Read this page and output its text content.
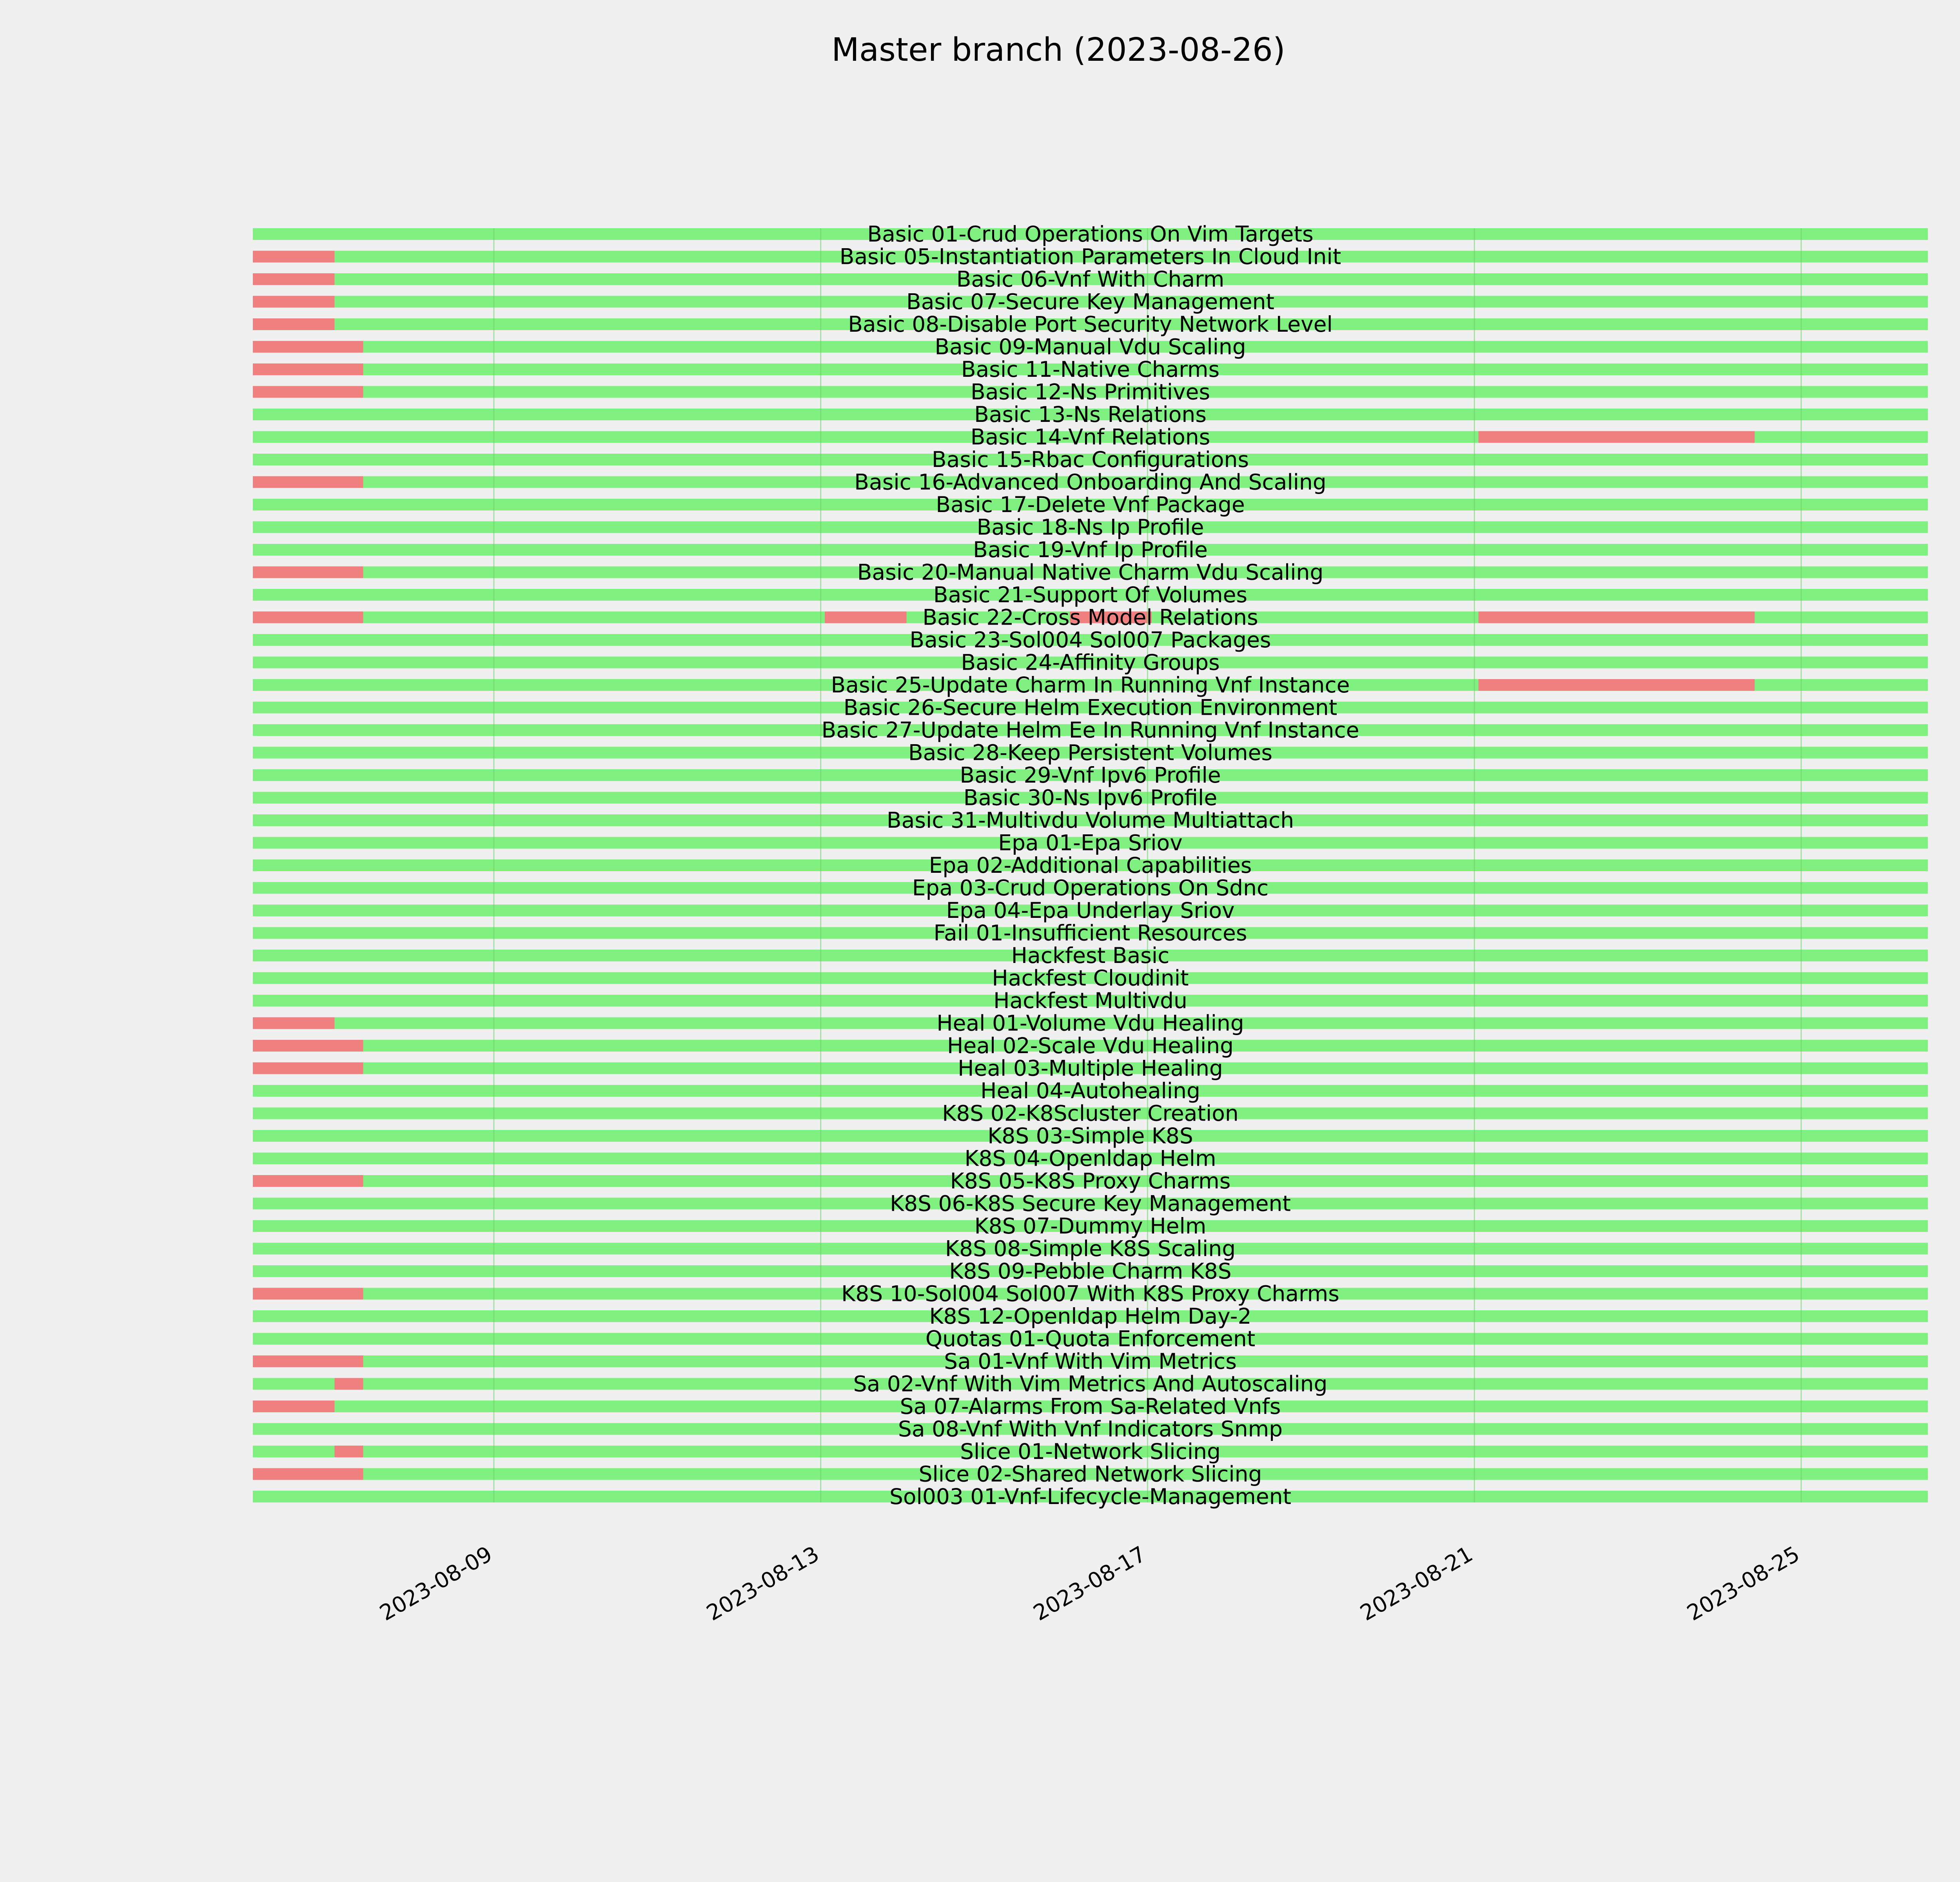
Master branch (2023-08-26)
Basic 01-Crud Operations On Vim Targets
Basic 05-Instantiation Parameters In Cloud Init
Basic 06-Vnf With Charm
Basic 07-Secure Key Management
Basic 08-Disable Port Security Network Level
Basic 09-Manual Vdu Scaling
Basic 11-Native Charms
Basic 12-Ns Primitives
Basic 13-Ns Relations
Basic 14-Vnf Relations
Basic 15-Rbac Configurations
Basic 16-Advanced Onboarding And Scaling
Basic 17-Delete Vnf Package
Basic 18-Ns Ip Profile
Basic 19-Vnf Ip Profile
Basic 20-Manual Native Charm Vdu Scaling
Basic 21-Support Of Volumes
Basic 22-Cross Model Relations
Basic 23-Sol004 Sol007 Packages
Basic 24-Affinity Groups
Basic 25-Update Charm In Running Vnf Instance
Basic 26-Secure Helm Execution Environment
Basic 27-Update Helm Ee In Running Vnf Instance
Basic 28-Keep Persistent Volumes
Basic 29-Vnf Ipv6 Profile
Basic 30-Ns Ipv6 Profile
Basic 31-Multivdu Volume Multiattach
Epa 01-Epa Sriov
Epa 02-Additional Capabilities
Epa 03-Crud Operations On Sdnc
Epa 04-Epa Underlay Sriov
Fail 01-Insufficient Resources
Hackfest Basic
Hackfest Cloudinit
Hackfest Multivdu
Heal 01-Volume Vdu Healing
Heal 02-Scale Vdu Healing
Heal 03-Multiple Healing
Heal 04-Autohealing
K8S 02-K8Scluster Creation
K8S 03-Simple K8S
K8S 04-Openldap Helm
K8S 05-K8S Proxy Charms
K8S 06-K8S Secure Key Management
K8S 07-Dummy Helm
K8S 08-Simple K8S Scaling
K8S 09-Pebble Charm K8S
K8S 10-Sol004 Sol007 With K8S Proxy Charms
K8S 12-Openldap Helm Day-2
Quotas 01-Quota Enforcement
Sa 01-Vnf With Vim Metrics
Sa 02-Vnf With Vim Metrics And Autoscaling
Sa 07-Alarms From Sa-Related Vnfs
Sa 08-Vnf With Vnf Indicators Snmp
Slice 01-Network Slicing
Slice 02-Shared Network Slicing
Sol003 01-Vnf-Lifecycle-Management
2023-08-09	2023-08-13	2023-08-17	2023-08-21	2023-08-25
